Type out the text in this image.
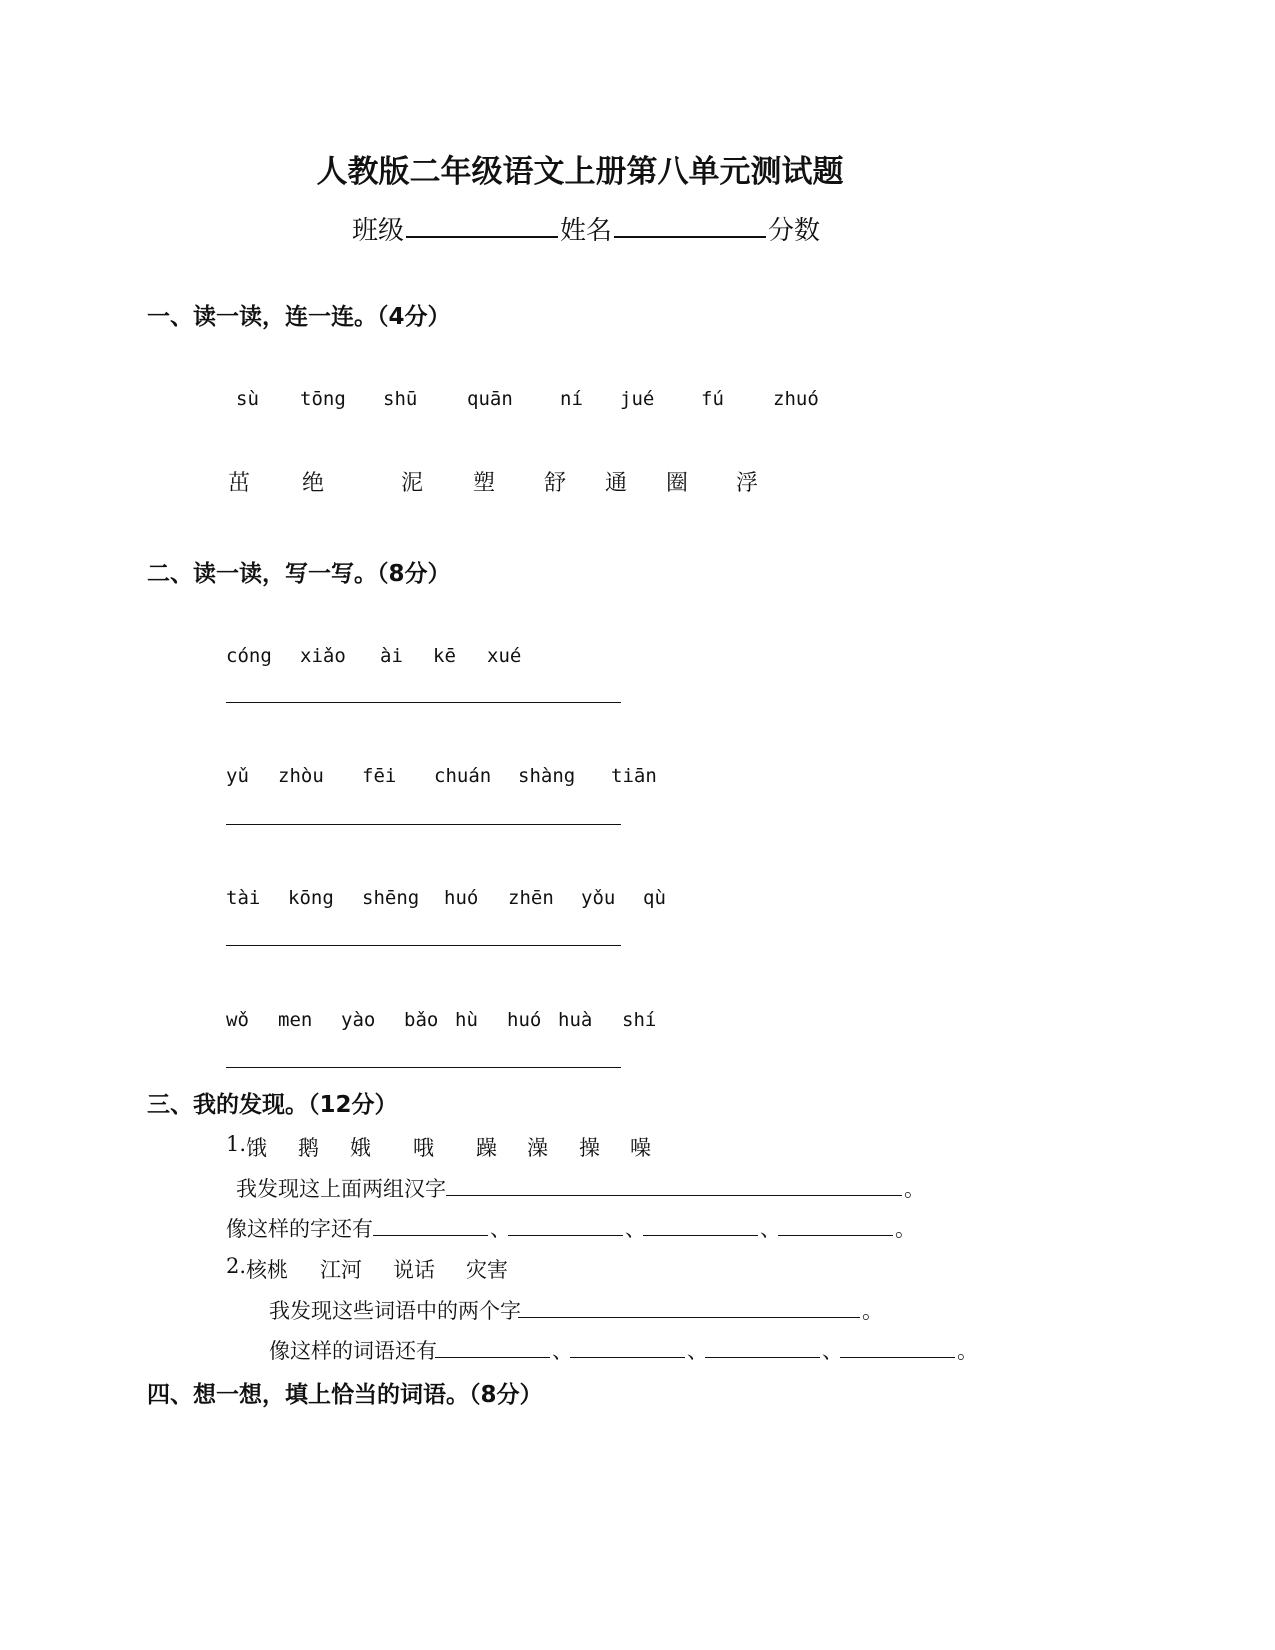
人教版二年级语文上册第八单元测试题
班级	姓名	分数
一、读一读，连一连。（4分）
sù tōng shū	quān ní jué fú	zhuó
茁 绝	泥 塑 舒 通 圈 浮
二、读一读，写一写。（8分）
cóng xiǎo ài kē xué
yǔ zhòu fēi chuán shàng tiān
tài kōng shēng huó zhēn yǒu qù
wǒ men yào bǎo hù huó huà shí
三、我的发现。（12分）
1. 饿 鹅 娥 哦 躁 澡 操 噪
我发现这上面两组汉字	。
像这样的字还有	、	、	、	。
2. 核桃 江河 说话 灾害
我发现这些词语中的两个字	。
像这样的词语还有	、	、	、	。
四、想一想，填上恰当的词语。（8分）
